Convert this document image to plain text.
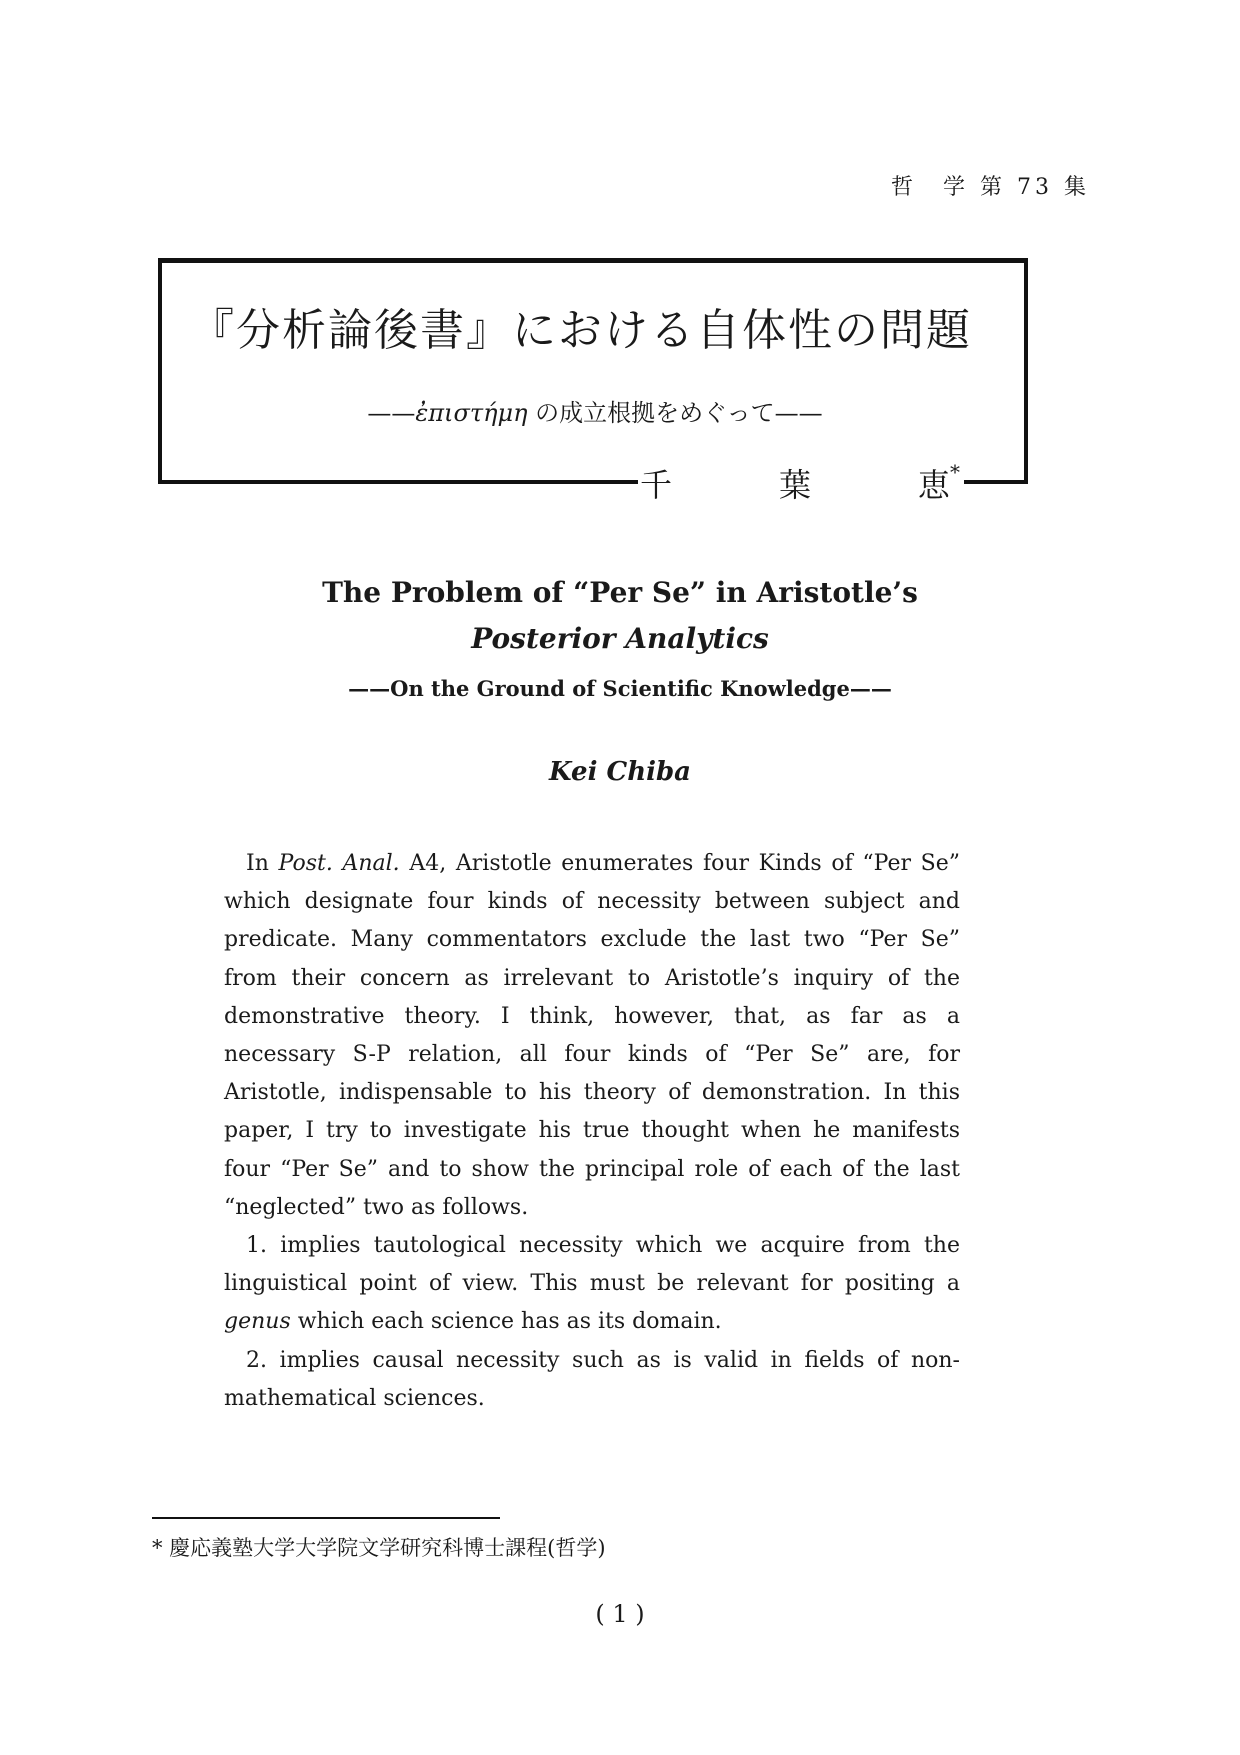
哲　学 第 73 集
『分析論後書』における自体性の問題
——ἐπιστήμη の成立根拠をめぐって——
千	葉	恵*
The Problem of “Per Se” in Aristotle’s
Posterior Analytics
——On the Ground of Scientific Knowledge——
Kei Chiba

In Post. Anal. A4, Aristotle enumerates four Kinds of “Per Se” which designate four kinds of necessity between subject and predicate. Many commentators exclude the last two “Per Se” from their concern as irrelevant to Aristotle’s inquiry of the demonstrative theory. I think, however, that, as far as a necessary S-P relation, all four kinds of “Per Se” are, for Aristotle, indispensable to his theory of demonstration. In this paper, I try to investigate his true thought when he manifests four “Per Se” and to show the principal role of each of the last “neglected” two as follows.

1. implies tautological necessity which we acquire from the linguistical point of view. This must be relevant for positing a genus which each science has as its domain.

2. implies causal necessity such as is valid in fields of non-mathematical sciences.

* 慶応義塾大学大学院文学研究科博士課程(哲学)
( 1 )
